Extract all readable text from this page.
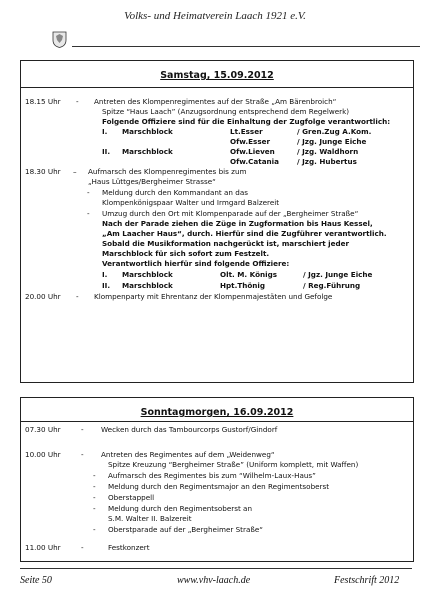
Volks- und Heimatverein Laach 1921 e.V.
Samstag, 15.09.2012
18.15 Uhr - Antreten des Klompenregimentes auf der Straße „Am Bärenbroich“
Spitze “Haus Laach” (Anzugsordnung entsprechend dem Regelwerk)
Folgende Offiziere sind für die Einhaltung der Zugfolge verantwortlich:
I. Marschblock	Lt.Esser	/ Gren.Zug A.Kom.
Ofw.Esser	/ Jzg. Junge Eiche
II. Marschblock	Ofw.Lieven	/ Jzg. Waldhorn
Ofw.Catania	/ Jzg. Hubertus
18.30 Uhr – Aufmarsch des Klompenregimentes bis zum
„Haus Lüttges/Bergheimer Strasse“
- Meldung durch den Kommandant an das
Klompenkönigspaar Walter und Irmgard Balzereit
- Umzug durch den Ort mit Klompenparade auf der „Bergheimer Straße“
Nach der Parade ziehen die Züge in Zugformation bis Haus Kessel,
„Am Laacher Haus“, durch. Hierfür sind die Zugführer verantwortlich.
Sobald die Musikformation nachgerückt ist, marschiert jeder
Marschblock für sich sofort zum Festzelt.
Verantwortlich hierfür sind folgende Offiziere:
I. Marschblock	Olt. M. Königs	/ Jgz. Junge Eiche
II. Marschblock	Hpt.Thönig	/ Reg.Führung
20.00 Uhr - Klompenparty mit Ehrentanz der Klompenmajestäten und Gefolge
Sonntagmorgen, 16.09.2012
07.30 Uhr	- Wecken durch das Tambourcorps Gustorf/Gindorf
10.00 Uhr	- Antreten des Regimentes auf dem „Weidenweg“
Spitze Kreuzung “Bergheimer Straße” (Uniform komplett, mit Waffen)
- Aufmarsch des Regimentes bis zum “Wilhelm-Laux-Haus”
- Meldung durch den Regimentsmajor an den Regimentsoberst
- Oberstappell
- Meldung durch den Regimentsoberst an
S.M. Walter II. Balzereit
- Oberstparade auf der „Bergheimer Straße“
11.00 Uhr	-	Festkonzert
Seite 50	www.vhv-laach.de	Festschrift 2012
